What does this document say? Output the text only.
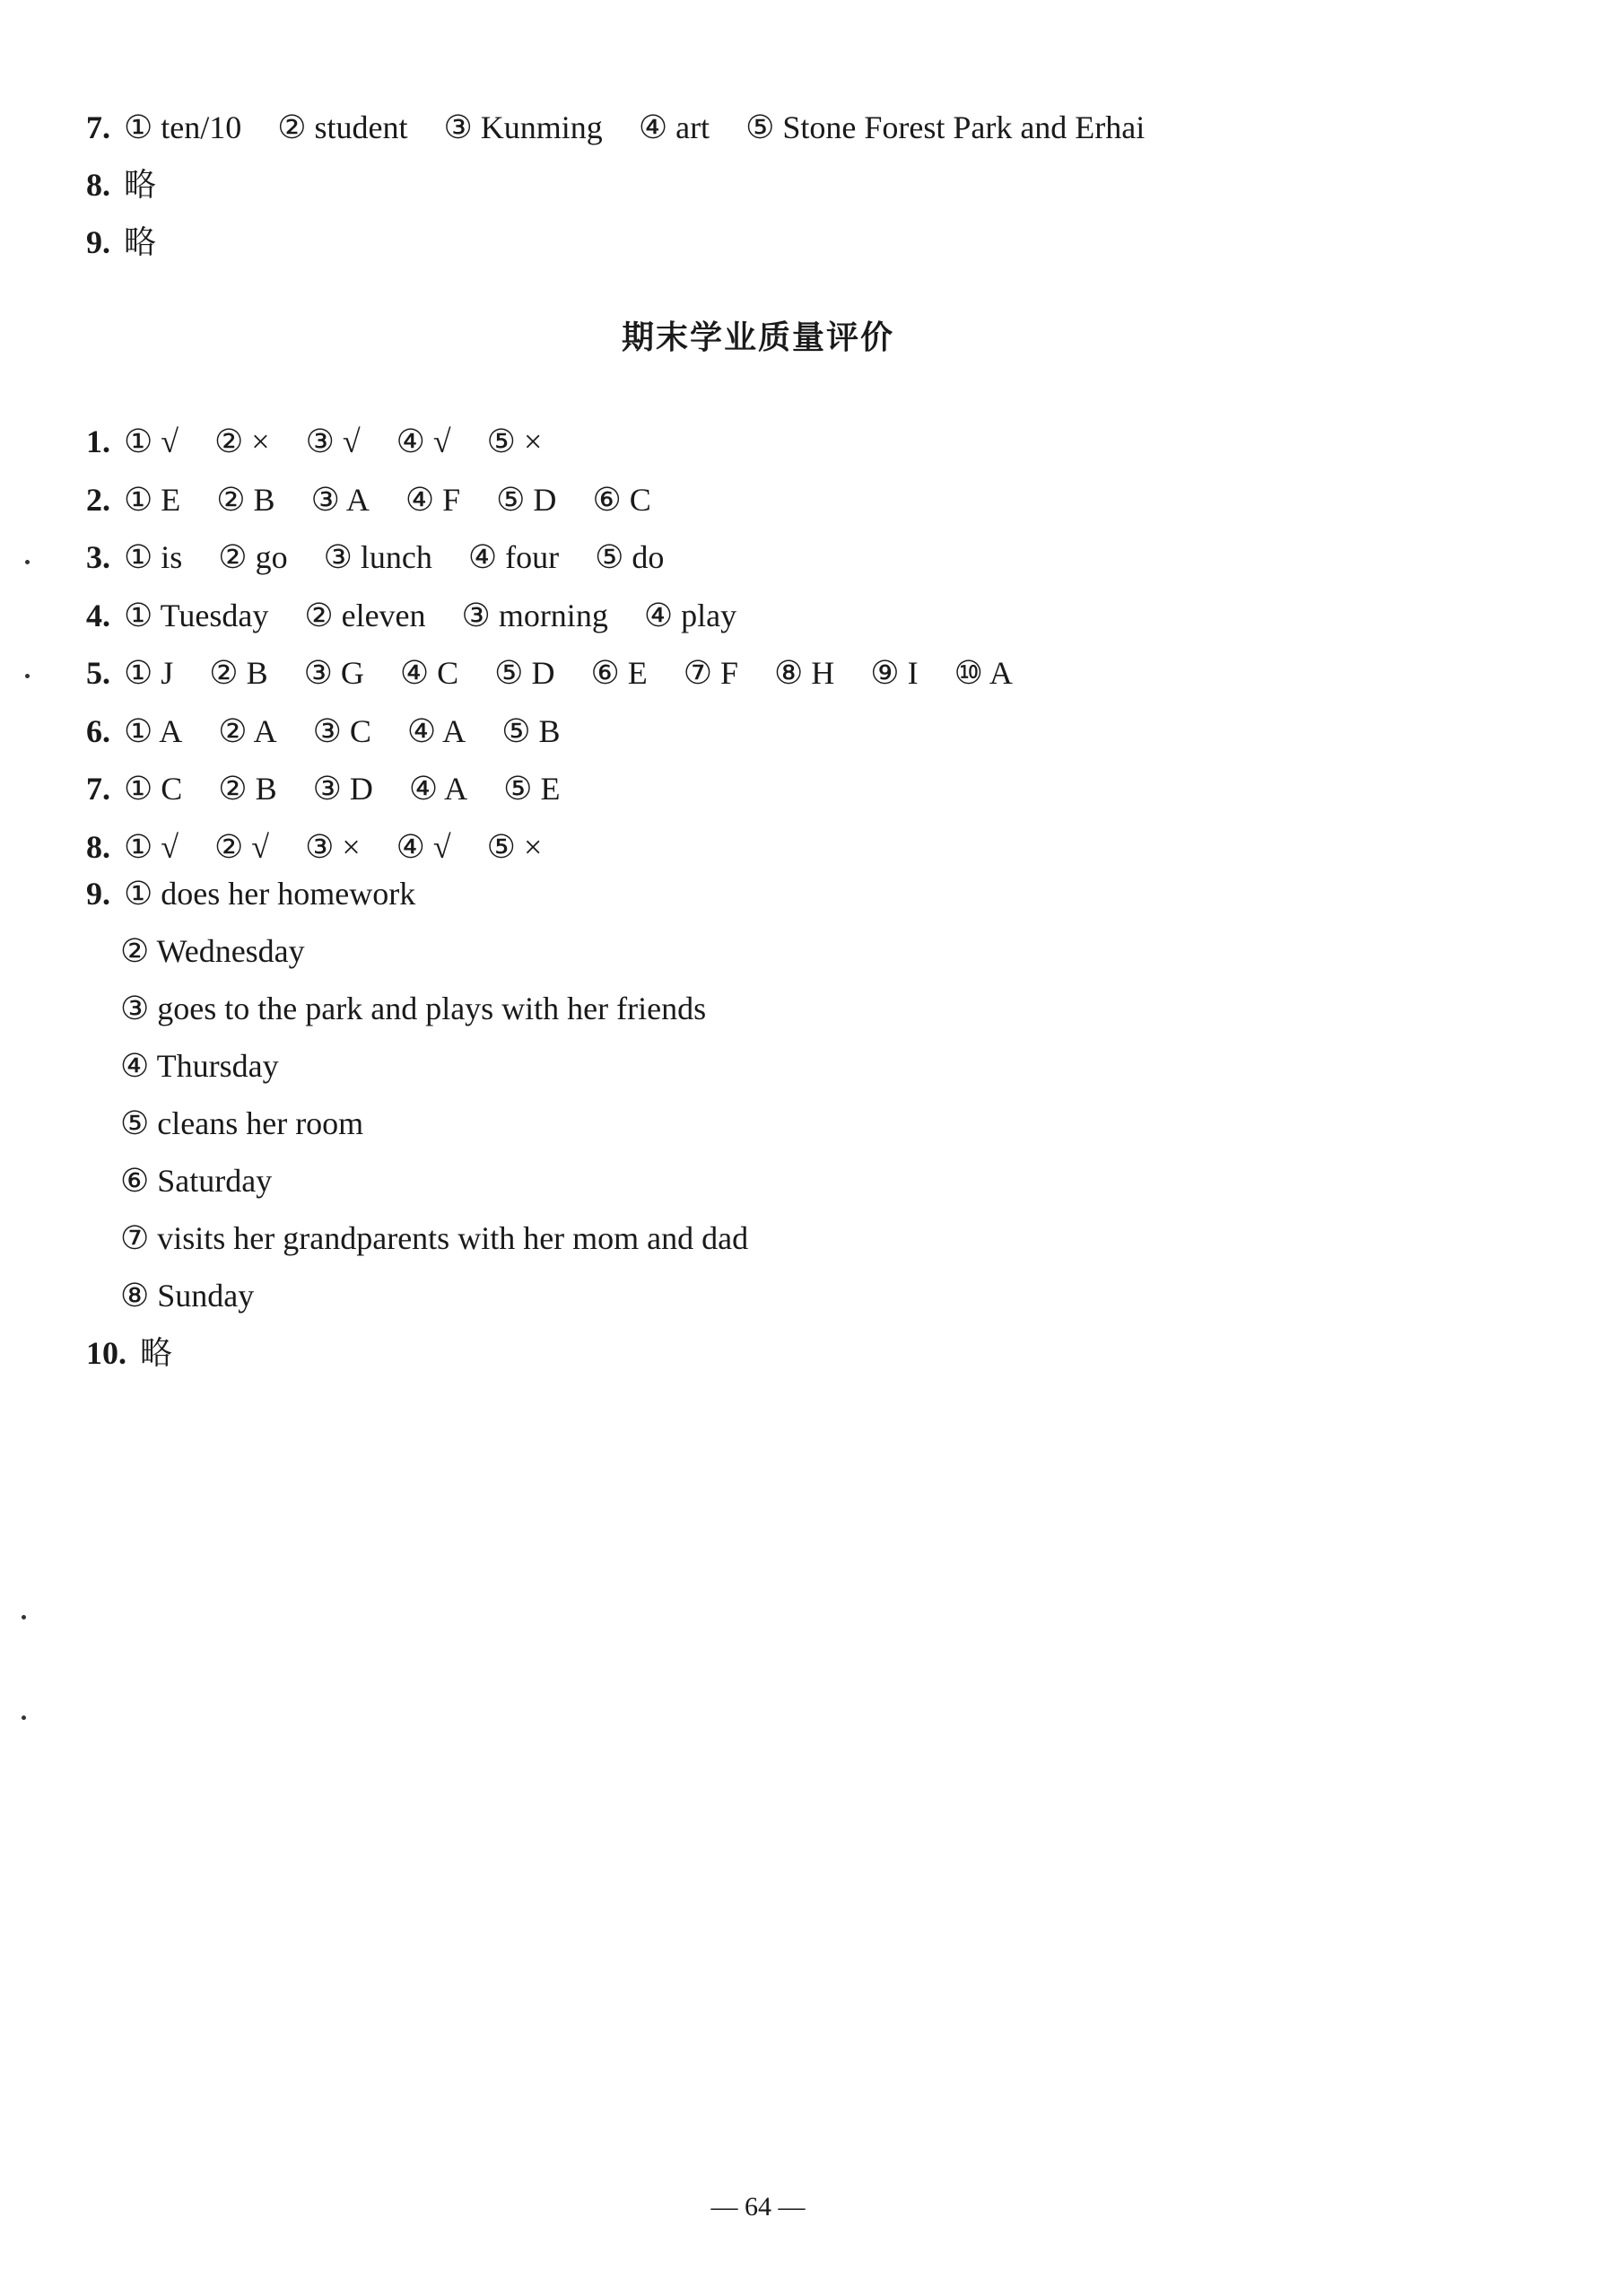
7. ① ten/10 ② student ③ Kunming ④ art ⑤ Stone Forest Park and Erhai
8. 略
9. 略
期末学业质量评价
1. ① √ ② × ③ √ ④ √ ⑤ ×
2. ① E ② B ③ A ④ F ⑤ D ⑥ C
3. ① is ② go ③ lunch ④ four ⑤ do
4. ① Tuesday ② eleven ③ morning ④ play
5. ① J ② B ③ G ④ C ⑤ D ⑥ E ⑦ F ⑧ H ⑨ I ⑩ A
6. ① A ② A ③ C ④ A ⑤ B
7. ① C ② B ③ D ④ A ⑤ E
8. ① √ ② √ ③ × ④ √ ⑤ ×
9. ① does her homework
② Wednesday
③ goes to the park and plays with her friends
④ Thursday
⑤ cleans her room
⑥ Saturday
⑦ visits her grandparents with her mom and dad
⑧ Sunday
10. 略
— 64 —
